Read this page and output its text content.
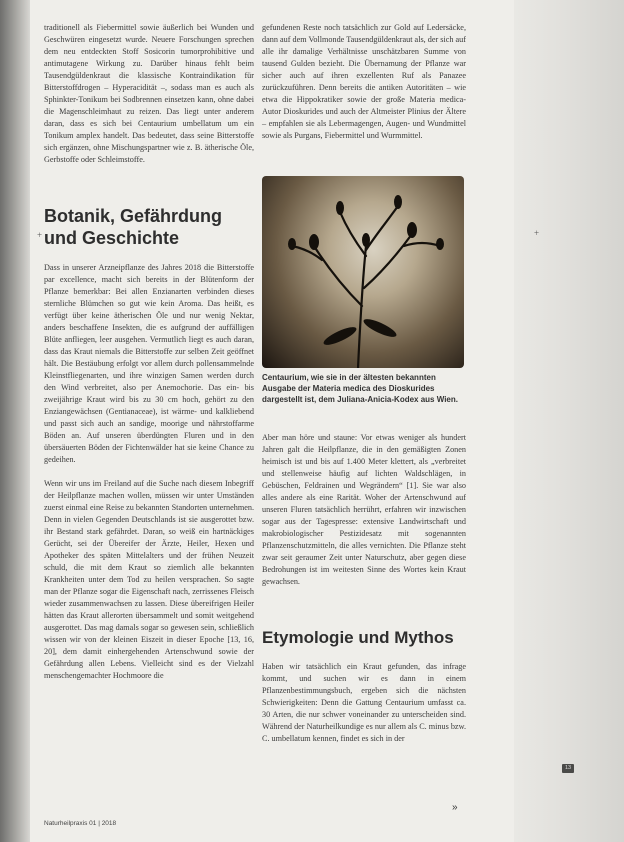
traditionell als Fiebermittel sowie äußerlich bei Wunden und Geschwüren eingesetzt wurde. Neuere Forschungen sprechen dem neu entdeckten Stoff Sosicorin tumorprohibitive und antimutagene Wirkung zu. Darüber hinaus fehlt beim Tausendgüldenkraut die klassische Kontraindikation für Bitterstoffdrogen – Hyperacidität –, sodass man es auch als Sphinkter-Tonikum bei Sodbrennen einsetzen kann, ohne dabei die Magenschleimhaut zu reizen. Das liegt unter anderem daran, dass es sich bei Centaurium umbellatum um ein Tonikum amplex handelt. Das bedeutet, dass seine Bitterstoffe sich ergänzen, ohne Mischungspartner wie z. B. ätherische Öle, Gerbstoffe oder Schleimstoffe.

Botanik, Gefährdung und Geschichte
+	+

Dass in unserer Arzneipflanze des Jahres 2018 die Bitterstoffe par excellence, macht sich bereits in der Blütenform der Pflanze bemerkbar: Bei allen Enzianarten verbinden dieses sternliche Blümchen so gut wie kein Aroma. Das heißt, es verfügt über keine ätherischen Öle und nur wenig Nektar, anders beschaffene Insekten, die es aufgrund der auffälligen Blüte anfliegen, leer ausgehen. Vermutlich liegt es auch daran, dass das Kraut niemals die Bitterstoffe zur selben Zeit geöffnet hält. Die Bestäubung erfolgt vor allem durch pollensammelnde Kleinstfliegenarten, und ihre winzigen Samen werden durch den Wind verbreitet, also per Anemochorie. Das ein- bis zweijährige Kraut wird bis zu 30 cm hoch, gehört zu den Enziangewächsen (Gentianaceae), ist wärme- und kalkliebend und passt sich auch an sandige, moorige und nährstoffarme Böden an. Auf unseren überdüngten Fluren und in den übersäuerten Böden der Fichtenwälder hat sie keine Chance zu gedeihen.

Wenn wir uns im Freiland auf die Suche nach diesem Inbegriff der Heilpflanze machen wollen, müssen wir unter Umständen zuerst einmal eine Reise zu bekannten Standorten unternehmen. Denn in vielen Gegenden Deutschlands ist sie ausgerottet bzw. ihr Bestand stark gefährdet. Daran, so weiß ein hartnäckiges Gerücht, sei der Übereifer der Ärzte, Heiler, Hexen und Apotheker des späten Mittelalters und der frühen Neuzeit schuld, die mit dem Kraut so ziemlich alle bekannten Krankheiten unter dem Tod zu heilen versprachen. So sagte man der Pflanze sogar die Eigenschaft nach, zerrissenes Fleisch wieder zusammenwachsen zu lassen. Diese übereifrigen Heiler hätten das Kraut allerorten übersammelt und somit weitgehend ausgerottet. Das mag damals sogar so gewesen sein, schließlich wissen wir von der kleinen Eiszeit in dieser Epoche [13, 16, 20], dem damit einhergehenden Artenschwund sowie der Gefährdung allen Lebens. Vielleicht sind es der Vielzahl menschengemachter Hochmoore die

gefundenen Reste noch tatsächlich zur Gold auf Ledersäcke, dann auf dem Vollmonde Tausendgüldenkraut als, der sich auf alle ihr damalige Verhältnisse unschätzbaren Summe von tausend Gulden bezieht. Die Übernamung der Pflanze war sicher auch auf ihren exzellenten Ruf als Panazee zurückzuführen. Denn bereits die antiken Autoritäten – wie etwa die Hippokratiker sowie der große Materia medica-Autor Dioskurides und auch der Altmeister Plinius der Ältere – empfahlen sie als Lebermagengen, Augen- und Wundmittel sowie als Purgans, Fiebermittel und Wurmmittel.

Centaurium, wie sie in der ältesten bekannten Ausgabe der Materia medica des Dioskurides dargestellt ist, dem Juliana-Anicia-Kodex aus Wien.

Aber man höre und staune: Vor etwas weniger als hundert Jahren galt die Heilpflanze, die in den gemäßigten Zonen heimisch ist und bis auf 1.400 Meter klettert, als „verbreitet und stellenweise häufig auf lichten Waldschlägen, in Gebüschen, Feldrainen und Wegrändern“ [1]. Sie war also alles andere als eine Rarität. Woher der Artenschwund auf unseren Fluren tatsächlich herrührt, erfahren wir inzwischen sogar aus der Tagespresse: extensive Landwirtschaft und makrobiologischer Pestizidesatz mit sogenannten Pflanzenschutzmitteln, die alles vernichten. Die Pflanze steht zwar seit geraumer Zeit unter Naturschutz, aber gegen diese Bedrohungen ist im weitesten Sinne des Wortes kein Kraut gewachsen.

Etymologie und Mythos

Haben wir tatsächlich ein Kraut gefunden, das infrage kommt, und suchen wir es dann in einem Pflanzenbestimmungsbuch, ergeben sich die nächsten Schwierigkeiten: Denn die Gattung Centaurium umfasst ca. 30 Arten, die nur schwer voneinander zu unterscheiden sind. Während der Naturheilkundige es nur allem als C. minus bzw. C. umbellatum kennen, findet es sich in der

»
Naturheilpraxis 01 | 2018
13
